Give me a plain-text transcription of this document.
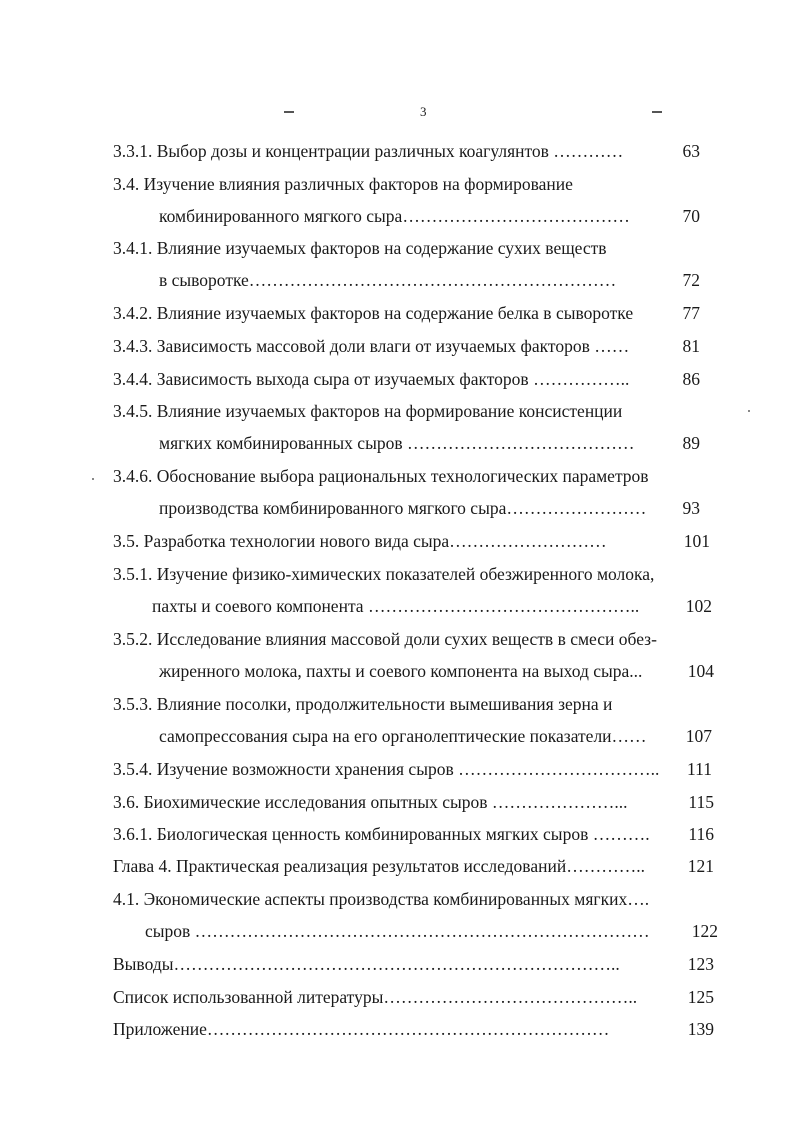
3
3.3.1. Выбор дозы и концентрации различных коагулянтов …………	63
3.4. Изучение влияния различных факторов на формирование
комбинированного мягкого сыра…………………………………	70
3.4.1. Влияние изучаемых факторов на содержание сухих веществ
в сыворотке………………………………………………………	72
3.4.2. Влияние изучаемых факторов на содержание белка в сыворотке	77
3.4.3. Зависимость массовой доли влаги от изучаемых факторов ……	81
3.4.4. Зависимость выхода сыра от изучаемых факторов ……………..	86
3.4.5. Влияние изучаемых факторов на формирование консистенции
мягких комбинированных сыров …………………………………	89
3.4.6. Обоснование выбора рациональных технологических параметров
производства комбинированного мягкого сыра……………………	93
3.5. Разработка технологии нового вида сыра………………………	101
3.5.1. Изучение физико-химических показателей обезжиренного молока,
пахты и соевого компонента ………………………………………..	102
3.5.2. Исследование влияния массовой доли сухих веществ в смеси обез-
жиренного молока, пахты и соевого компонента на выход сыра...	104
3.5.3. Влияние посолки, продолжительности вымешивания зерна и
самопрессования сыра на его органолептические показатели……	107
3.5.4. Изучение возможности хранения сыров ……………………………..	111
3.6. Биохимические исследования опытных сыров …………………...	115
3.6.1. Биологическая ценность комбинированных мягких сыров ……….	116
Глава 4. Практическая реализация результатов исследований…………..	121
4.1. Экономические аспекты производства комбинированных мягких….
сыров ……………………………………………………………………	122
Выводы…………………………………………………………………..	123
Список использованной литературы……………………………………..	125
Приложение……………………………………………………………	139
